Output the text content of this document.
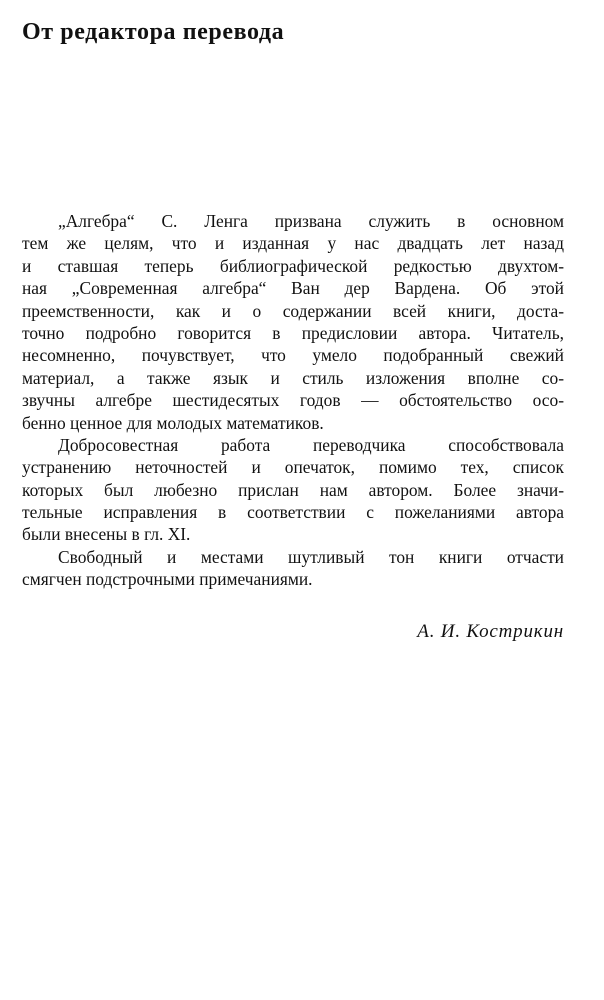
От редактора перевода

„Алгебра“ С. Ленга призвана служить в основном
тем же целям, что и изданная у нас двадцать лет назад
и ставшая теперь библиографической редкостью двухтом-
ная „Современная алгебра“ Ван дер Вардена. Об этой
преемственности, как и о содержании всей книги, доста-
точно подробно говорится в предисловии автора. Читатель,
несомненно, почувствует, что умело подобранный свежий
материал, а также язык и стиль изложения вполне со-
звучны алгебре шестидесятых годов — обстоятельство осо-
бенно ценное для молодых математиков.

Добросовестная работа переводчика способствовала
устранению неточностей и опечаток, помимо тех, список
которых был любезно прислан нам автором. Более значи-
тельные исправления в соответствии с пожеланиями автора
были внесены в гл. XI.

Свободный и местами шутливый тон книги отчасти
смягчен подстрочными примечаниями.

А. И. Кострикин
